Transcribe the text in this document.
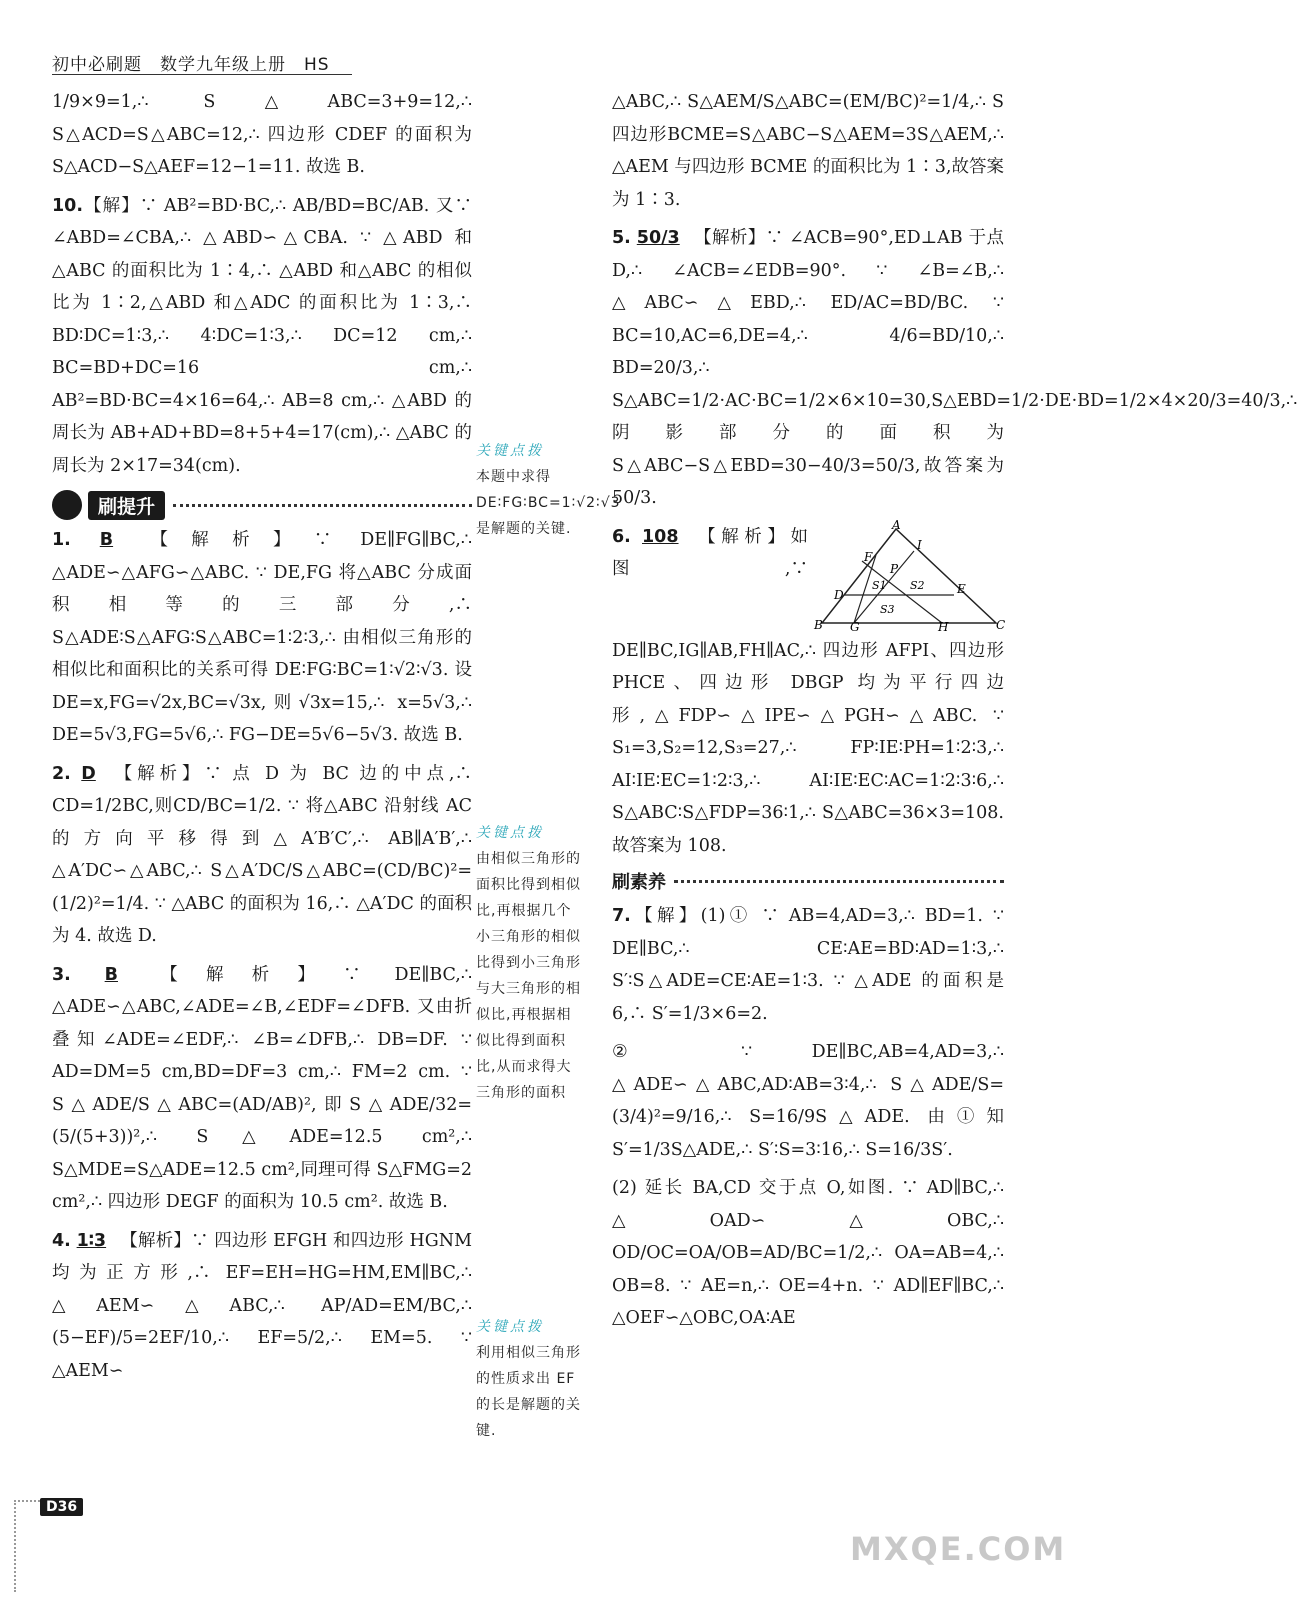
初中必刷题　数学九年级上册　HS

1/9×9=1,∴ S△ABC=3+9=12,∴ S△ACD=S△ABC=12,∴ 四边形 CDEF 的面积为 S△ACD−S△AEF=12−1=11. 故选 B.

10.【解】∵ AB²=BD·BC,∴ AB/BD=BC/AB. 又∵ ∠ABD=∠CBA,∴ △ABD∽△CBA. ∵ △ABD 和△ABC 的面积比为 1∶4,∴ △ABD 和△ABC 的相似比为 1∶2,△ABD 和△ADC 的面积比为 1∶3,∴ BD∶DC=1∶3,∴ 4∶DC=1∶3,∴ DC=12 cm,∴ BC=BD+DC=16 cm,∴ AB²=BD·BC=4×16=64,∴ AB=8 cm,∴ △ABD 的周长为 AB+AD+BD=8+5+4=17(cm),∴ △ABC 的周长为 2×17=34(cm).

刷提升

1. B 【解析】∵ DE∥FG∥BC,∴ △ADE∽△AFG∽△ABC. ∵ DE,FG 将△ABC 分成面积相等的三部分,∴ S△ADE∶S△AFG∶S△ABC=1∶2∶3,∴ 由相似三角形的相似比和面积比的关系可得 DE∶FG∶BC=1∶√2∶√3. 设 DE=x,FG=√2x,BC=√3x,则√3x=15,∴ x=5√3,∴ DE=5√3,FG=5√6,∴ FG−DE=5√6−5√3. 故选 B.

2. D 【解析】∵ 点 D 为 BC 边的中点,∴ CD=1/2BC,则CD/BC=1/2. ∵ 将△ABC 沿射线 AC 的方向平移得到△A′B′C′,∴ AB∥A′B′,∴ △A′DC∽△ABC,∴ S△A′DC/S△ABC=(CD/BC)²=(1/2)²=1/4. ∵ △ABC 的面积为 16,∴ △A′DC 的面积为 4. 故选 D.

3. B 【解析】∵ DE∥BC,∴ △ADE∽△ABC,∠ADE=∠B,∠EDF=∠DFB. 又由折叠知∠ADE=∠EDF,∴ ∠B=∠DFB,∴ DB=DF. ∵ AD=DM=5 cm,BD=DF=3 cm,∴ FM=2 cm. ∵ S△ADE/S△ABC=(AD/AB)²,即S△ADE/32=(5/(5+3))²,∴ S△ADE=12.5 cm²,∴ S△MDE=S△ADE=12.5 cm²,同理可得 S△FMG=2 cm²,∴ 四边形 DEGF 的面积为 10.5 cm². 故选 B.

4. 1∶3 【解析】∵ 四边形 EFGH 和四边形 HGNM 均为正方形,∴ EF=EH=HG=HM,EM∥BC,∴ △AEM∽△ABC,∴ AP/AD=EM/BC,∴ (5−EF)/5=2EF/10,∴ EF=5/2,∴ EM=5. ∵ △AEM∽

关键点拨
本题中求得 DE∶FG∶BC=1∶√2∶√3 是解题的关键.
关键点拨
由相似三角形的面积比得到相似比,再根据几个小三角形的相似比得到小三角形与大三角形的相似比,再根据相似比得到面积比,从而求得大三角形的面积
关键点拨
利用相似三角形的性质求出 EF 的长是解题的关键.

△ABC,∴ S△AEM/S△ABC=(EM/BC)²=1/4,∴ S四边形BCME=S△ABC−S△AEM=3S△AEM,∴ △AEM 与四边形 BCME 的面积比为 1∶3,故答案为 1∶3.

5. 50/3 【解析】∵ ∠ACB=90°,ED⊥AB 于点 D,∴ ∠ACB=∠EDB=90°. ∵ ∠B=∠B,∴ △ABC∽△EBD,∴ ED/AC=BD/BC. ∵ BC=10,AC=6,DE=4,∴ 4/6=BD/10,∴ BD=20/3,∴ S△ABC=1/2·AC·BC=1/2×6×10=30,S△EBD=1/2·DE·BD=1/2×4×20/3=40/3,∴ 阴影部分的面积为 S△ABC−S△EBD=30−40/3=50/3,故答案为50/3.

A
I
F
P
D	E
S1 S2
S3
B G	H	C
6. 108 【解析】如图,∵ DE∥BC,IG∥AB,FH∥AC,∴ 四边形 AFPI、四边形 PHCE、四边形 DBGP 均为平行四边形,△FDP∽△IPE∽△PGH∽△ABC. ∵ S₁=3,S₂=12,S₃=27,∴ FP∶IE∶PH=1∶2∶3,∴ AI∶IE∶EC=1∶2∶3,∴ AI∶IE∶EC∶AC=1∶2∶3∶6,∴ S△ABC∶S△FDP=36∶1,∴ S△ABC=36×3=108. 故答案为 108.

刷素养

7.【解】(1)① ∵ AB=4,AD=3,∴ BD=1. ∵ DE∥BC,∴ CE∶AE=BD∶AD=1∶3,∴ S′∶S△ADE=CE∶AE=1∶3. ∵ △ADE 的面积是 6,∴ S′=1/3×6=2.

② ∵ DE∥BC,AB=4,AD=3,∴ △ADE∽△ABC,AD∶AB=3∶4,∴ S△ADE/S=(3/4)²=9/16,∴ S=16/9S△ADE. 由①知 S′=1/3S△ADE,∴ S′∶S=3∶16,∴ S=16/3S′.

(2) 延长 BA,CD 交于点 O,如图. ∵ AD∥BC,∴ △OAD∽△OBC,∴ OD/OC=OA/OB=AD/BC=1/2,∴ OA=AB=4,∴ OB=8. ∵ AE=n,∴ OE=4+n. ∵ AD∥EF∥BC,∴ △OEF∽△OBC,OA∶AE

D36
MXQE.COM
